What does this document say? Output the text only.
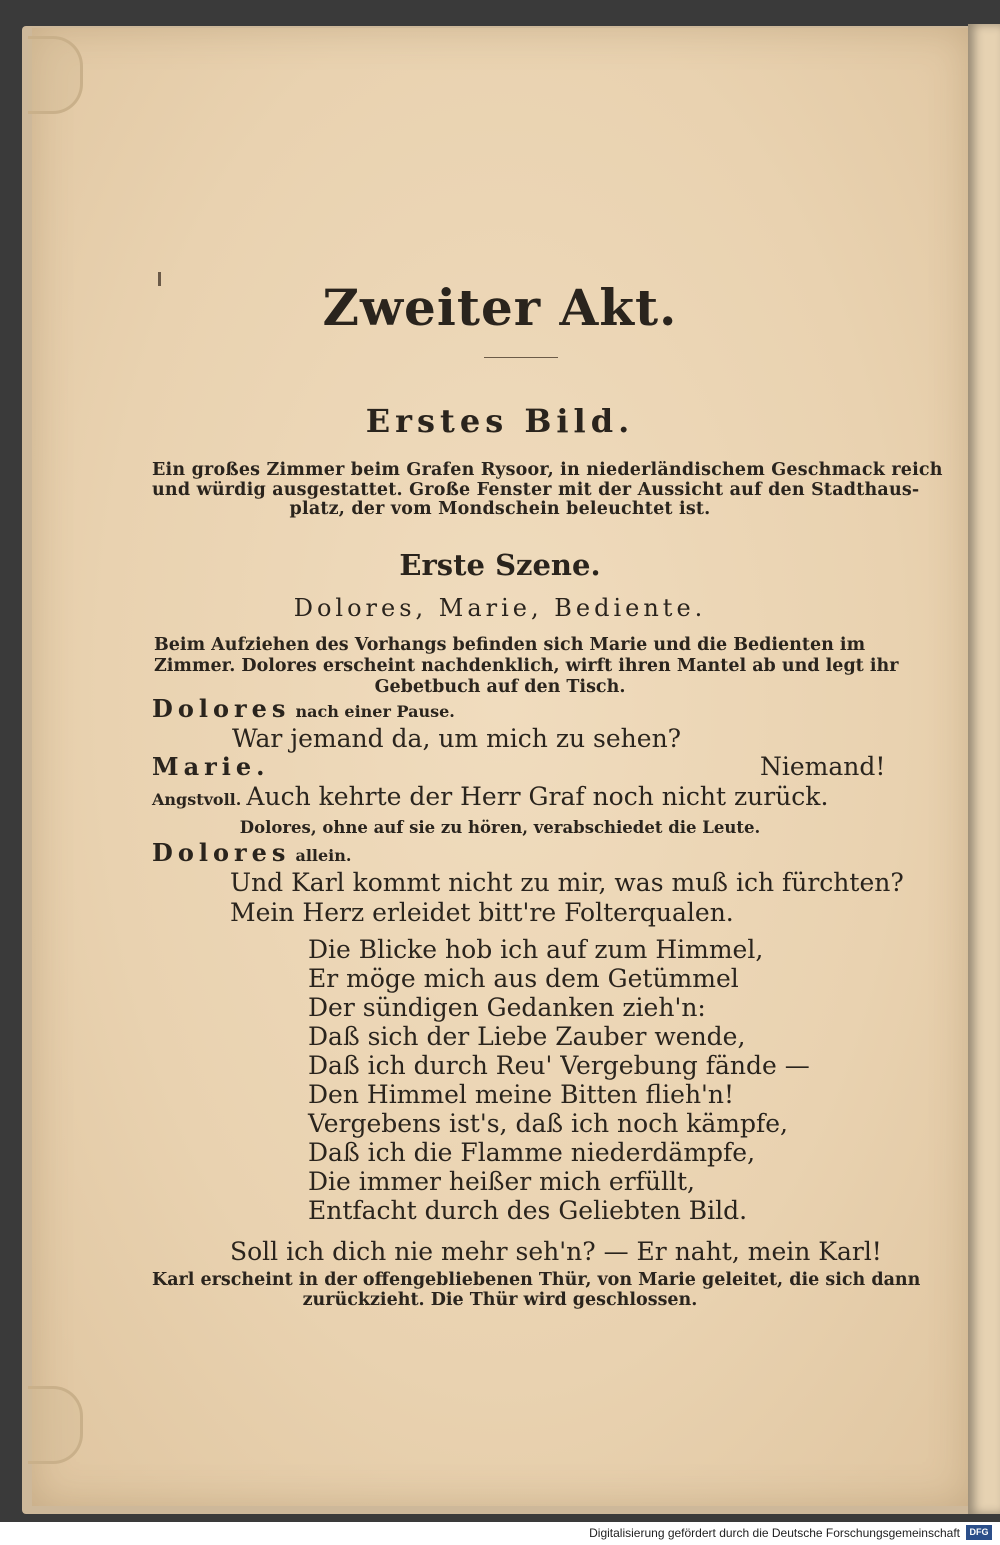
Zweiter Akt.
Erstes Bild.

Ein großes Zimmer beim Grafen Rysoor, in niederländischem Geschmack reich

und würdig ausgestattet. Große Fenster mit der Aussicht auf den Stadthaus-

platz, der vom Mondschein beleuchtet ist.

Erste Szene.

Dolores, Marie, Bediente.

Beim Aufziehen des Vorhangs befinden sich Marie und die Bedienten im

Zimmer. Dolores erscheint nachdenklich, wirft ihren Mantel ab und legt ihr

Gebetbuch auf den Tisch.

Dolores nach einer Pause.

War jemand da, um mich zu sehen?

Marie.	Niemand!

Angstvoll. Auch kehrte der Herr Graf noch nicht zurück.

Dolores, ohne auf sie zu hören, verabschiedet die Leute.

Dolores allein.

Und Karl kommt nicht zu mir, was muß ich fürchten?

Mein Herz erleidet bitt're Folterqualen.

Die Blicke hob ich auf zum Himmel,

Er möge mich aus dem Getümmel

Der sündigen Gedanken zieh'n:

Daß sich der Liebe Zauber wende,

Daß ich durch Reu' Vergebung fände —

Den Himmel meine Bitten flieh'n!

Vergebens ist's, daß ich noch kämpfe,

Daß ich die Flamme niederdämpfe,

Die immer heißer mich erfüllt,

Entfacht durch des Geliebten Bild.

Soll ich dich nie mehr seh'n? — Er naht, mein Karl!

Karl erscheint in der offengebliebenen Thür, von Marie geleitet, die sich dann

zurückzieht. Die Thür wird geschlossen.

Digitalisierung gefördert durch die Deutsche Forschungsgemeinschaft	DFG
